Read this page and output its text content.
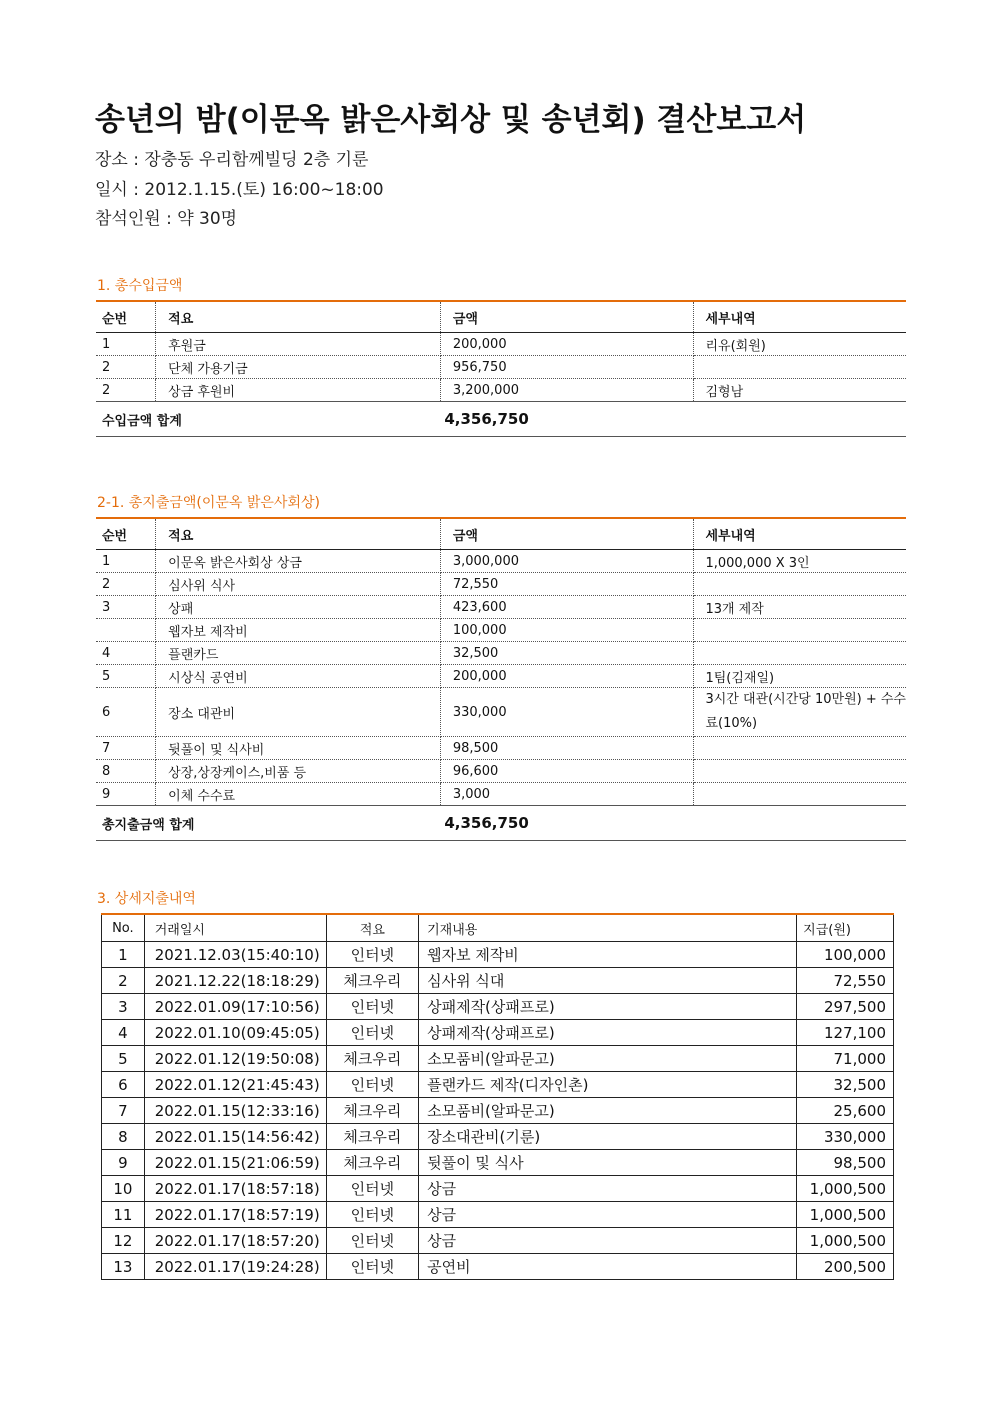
송년의 밤(이문옥 밝은사회상 및 송년회) 결산보고서
장소 : 장충동 우리함께빌딩 2층 기룬
일시 : 2012.1.15.(토) 16:00~18:00
참석인원 : 약 30명
1. 총수입금액
순번	적요	금액	세부내역
1	후원금	200,000	리유(회원)
2	단체 가용기금	956,750	
2	상금 후원비	3,200,000	김형남
수입금액 합계		4,356,750	
2-1. 총지출금액(이문옥 밝은사회상)
순번	적요	금액	세부내역
1	이문옥 밝은사회상 상금	3,000,000	1,000,000 X 3인
2	심사위 식사	72,550	
3	상패	423,600	13개 제작
	웹자보 제작비	100,000	
4	플랜카드	32,500	
5	시상식 공연비	200,000	1팀(김재일)
6	장소 대관비	330,000	3시간 대관(시간당 10만원) + 수수료(10%)
7	뒷풀이 및 식사비	98,500	
8	상장,상장케이스,비품 등	96,600	
9	이체 수수료	3,000	
총지출금액 합계		4,356,750	
3. 상세지출내역
No.	거래일시	적요	기재내용	지급(원)
1	2021.12.03(15:40:10)	인터넷	웹자보 제작비	100,000
2	2021.12.22(18:18:29)	체크우리	심사위 식대	72,550
3	2022.01.09(17:10:56)	인터넷	상패제작(상패프로)	297,500
4	2022.01.10(09:45:05)	인터넷	상패제작(상패프로)	127,100
5	2022.01.12(19:50:08)	체크우리	소모품비(알파문고)	71,000
6	2022.01.12(21:45:43)	인터넷	플랜카드 제작(디자인촌)	32,500
7	2022.01.15(12:33:16)	체크우리	소모품비(알파문고)	25,600
8	2022.01.15(14:56:42)	체크우리	장소대관비(기룬)	330,000
9	2022.01.15(21:06:59)	체크우리	뒷풀이 및 식사	98,500
10	2022.01.17(18:57:18)	인터넷	상금	1,000,500
11	2022.01.17(18:57:19)	인터넷	상금	1,000,500
12	2022.01.17(18:57:20)	인터넷	상금	1,000,500
13	2022.01.17(19:24:28)	인터넷	공연비	200,500
